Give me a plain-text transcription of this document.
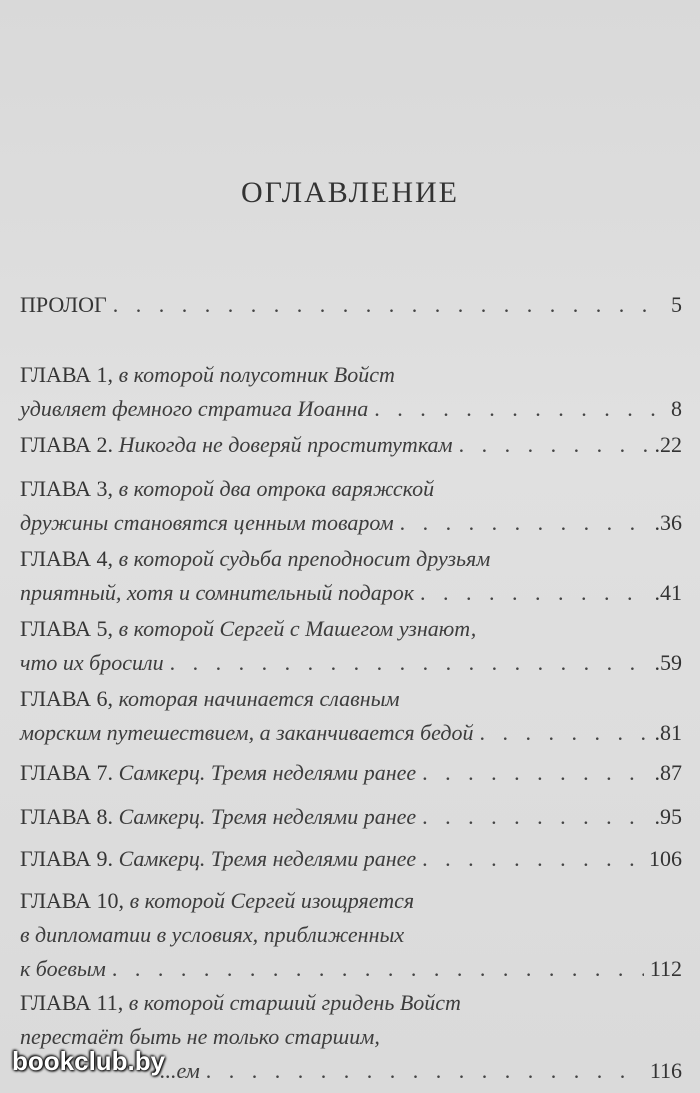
ОГЛАВЛЕНИЕ
ПРОЛОГ . . .	5
ГЛАВА 1,
в которой полусотник Войст
удивляет фемного стратига Иоанна . . .	8
ГЛАВА 2.
Никогда не доверяй проституткам . . .	.22
ГЛАВА 3,
в которой два отрока варяжской
дружины становятся ценным товаром . . .	.36
ГЛАВА 4,
в которой судьба преподносит друзьям
приятный, хотя и сомнительный подарок . . .	.41
ГЛАВА 5,
в которой Сергей с Машегом узнают,
что их бросили . . .	.59
ГЛАВА 6,
которая начинается славным
морским путешествием, а заканчивается бедой . . .	.81
ГЛАВА 7.
Самкерц. Тремя неделями ранее . . .	.87
ГЛАВА 8.
Самкерц. Тремя неделями ранее . . .	.95
ГЛАВА 9.
Самкерц. Тремя неделями ранее . . .	106
ГЛАВА 10,
в которой Сергей изощряется
в дипломатии в условиях, приближенных
к боевым . . .	112
ГЛАВА 11,
в которой старший гридень Войст
перестаёт быть не только старшим,
...ем . . .	116
bookclub.by
